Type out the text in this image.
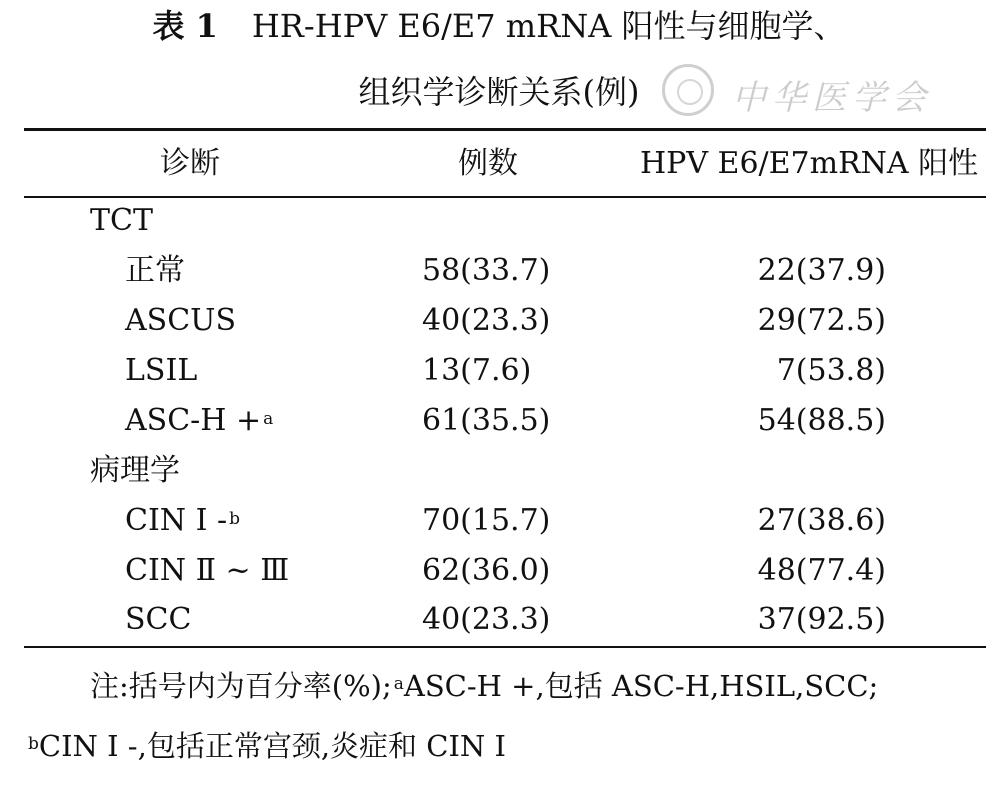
表 1 HR-HPV E6/E7 mRNA 阳性与细胞学、
组织学诊断关系(例)	中华医学会
诊断	例数	HPV E6/E7mRNA 阳性
TCT
正常	58(33.7)	22(37.9)
ASCUS	40(23.3)	29(72.5)
LSIL	13(7.6)	7(53.8)
ASC-H + $^a$	61(35.5)	54(88.5)
病理学
CIN Ⅰ - $^b$	70(15.7)	27(38.6)
CIN Ⅱ ~ Ⅲ	62(36.0)	48(77.4)
SCC	40(23.3)	37(92.5)
注:括号内为百分率(%); $^a$ASC-H +,包括 ASC-H,HSIL,SCC;
$^b$CIN Ⅰ -,包括正常宫颈,炎症和 CIN Ⅰ
